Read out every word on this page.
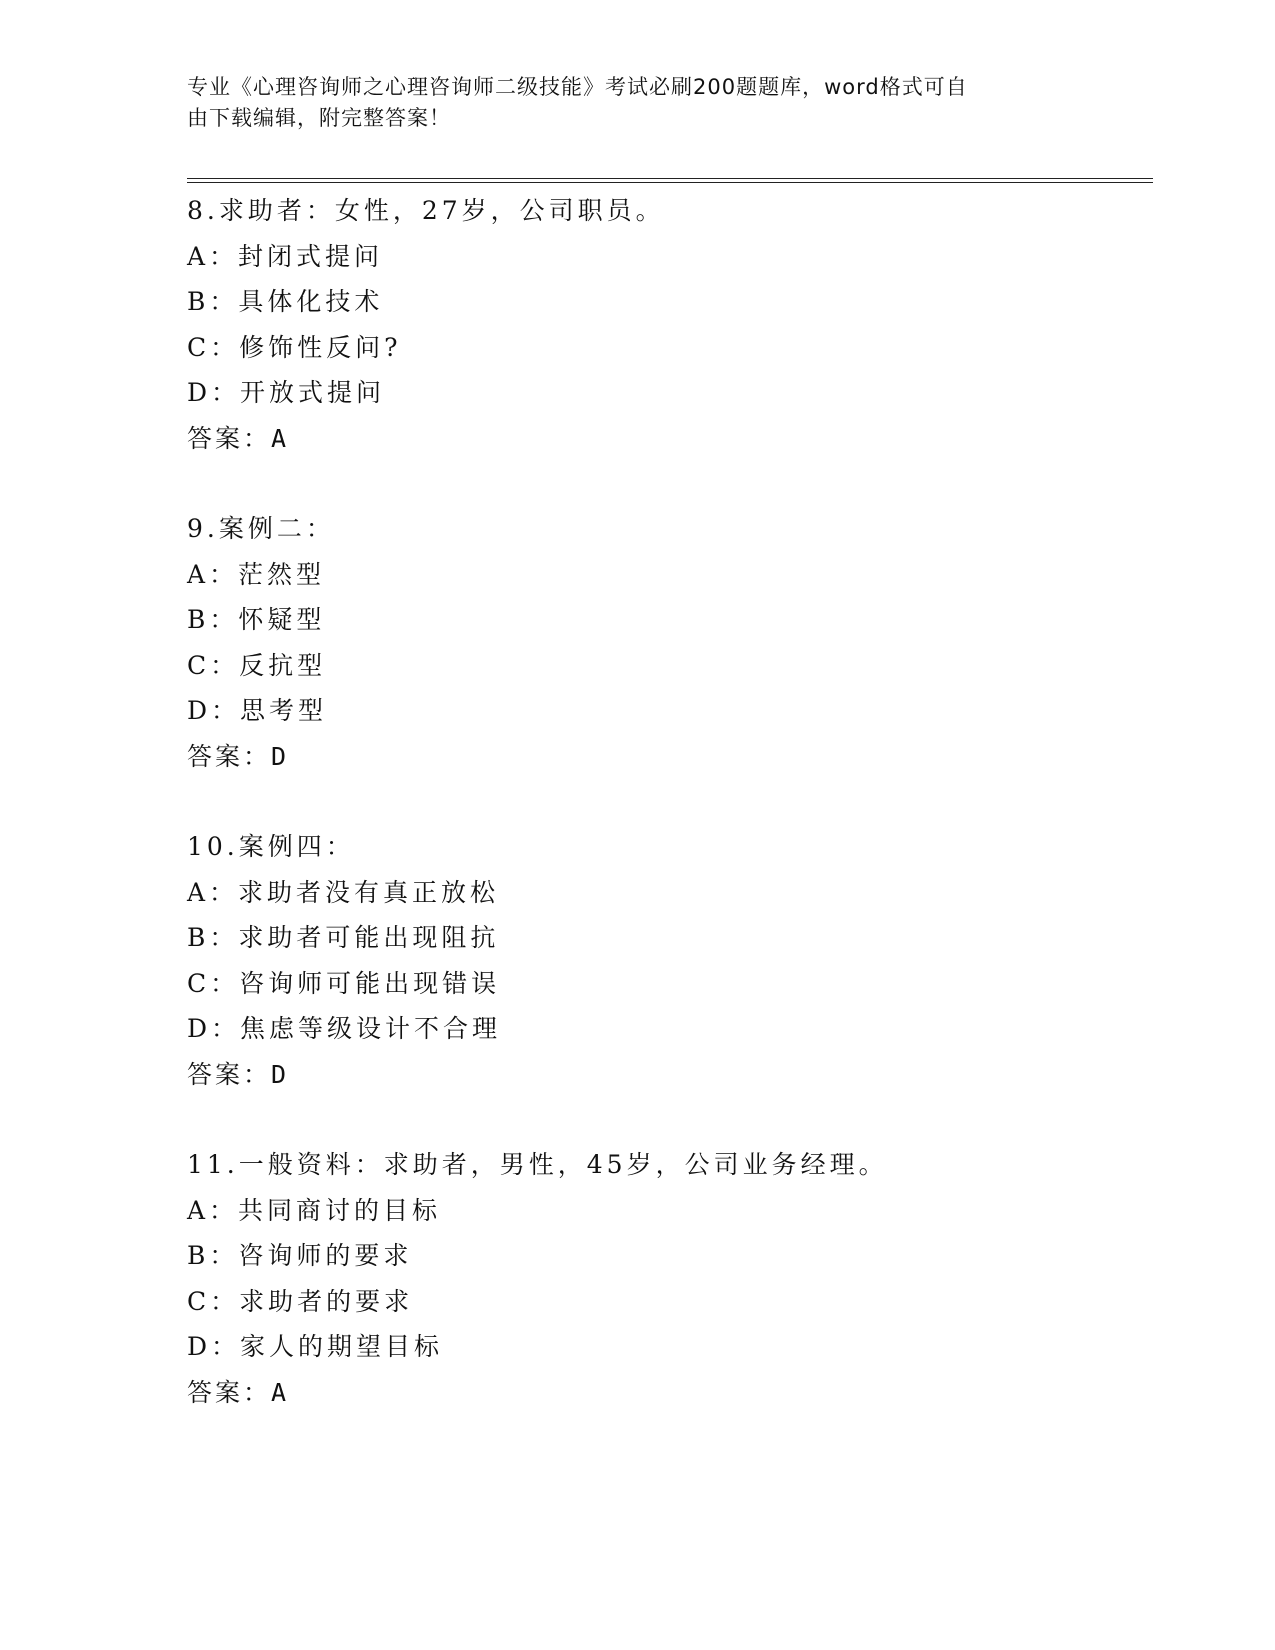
专业《心理咨询师之心理咨询师二级技能》考试必刷200题题库，word格式可自
由下载编辑，附完整答案！
8.求助者：女性，27岁，公司职员。
A：封闭式提问
B：具体化技术
C：修饰性反问?
D：开放式提问
答案：A
9.案例二：
A：茫然型
B：怀疑型
C：反抗型
D：思考型
答案：D
10.案例四：
A：求助者没有真正放松
B：求助者可能出现阻抗
C：咨询师可能出现错误
D：焦虑等级设计不合理
答案：D
11.一般资料：求助者，男性，45岁，公司业务经理。
A：共同商讨的目标
B：咨询师的要求
C：求助者的要求
D：家人的期望目标
答案：A
